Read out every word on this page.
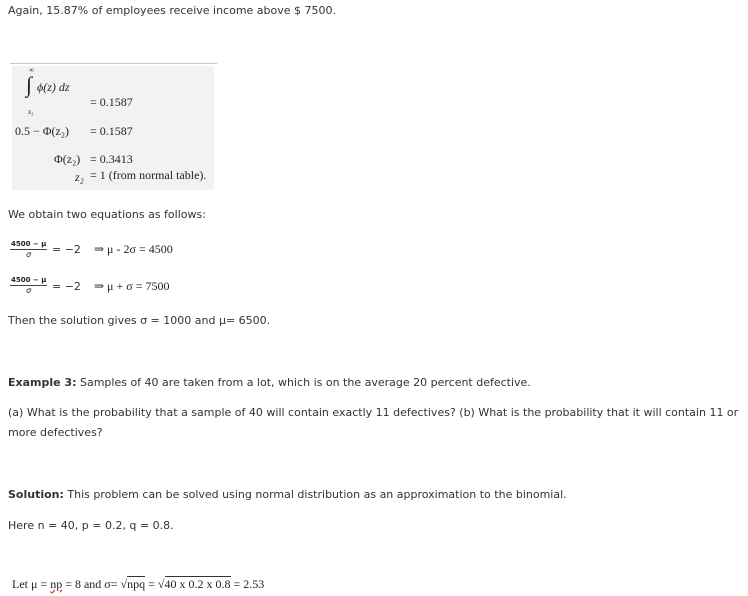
Again, 15.87% of employees receive income above $ 7500.
∞
∫ ϕ(z) dz
z₂
= 0.1587
0.5 − Φ(z₂) = 0.1587
Φ(z₂) = 0.3413
z₂ = 1 (from normal table).
We obtain two equations as follows:
$\frac{4500 - \mu}{\sigma} = -2$ ⇒ μ - 2σ = 4500
$\frac{4500 - \mu}{\sigma} = -2$ ⇒ μ + σ = 7500
Then the solution gives σ = 1000 and μ= 6500.
Example 3: Samples of 40 are taken from a lot, which is on the average 20 percent defective.
(a) What is the probability that a sample of 40 will contain exactly 11 defectives? (b) What is the probability that it will contain 11 or
more defectives?
Solution: This problem can be solved using normal distribution as an approximation to the binomial.
Here n = 40, p = 0.2, q = 0.8.
Let μ = np = 8 and σ= √npq = √40 x 0.2 x 0.8 = 2.53
